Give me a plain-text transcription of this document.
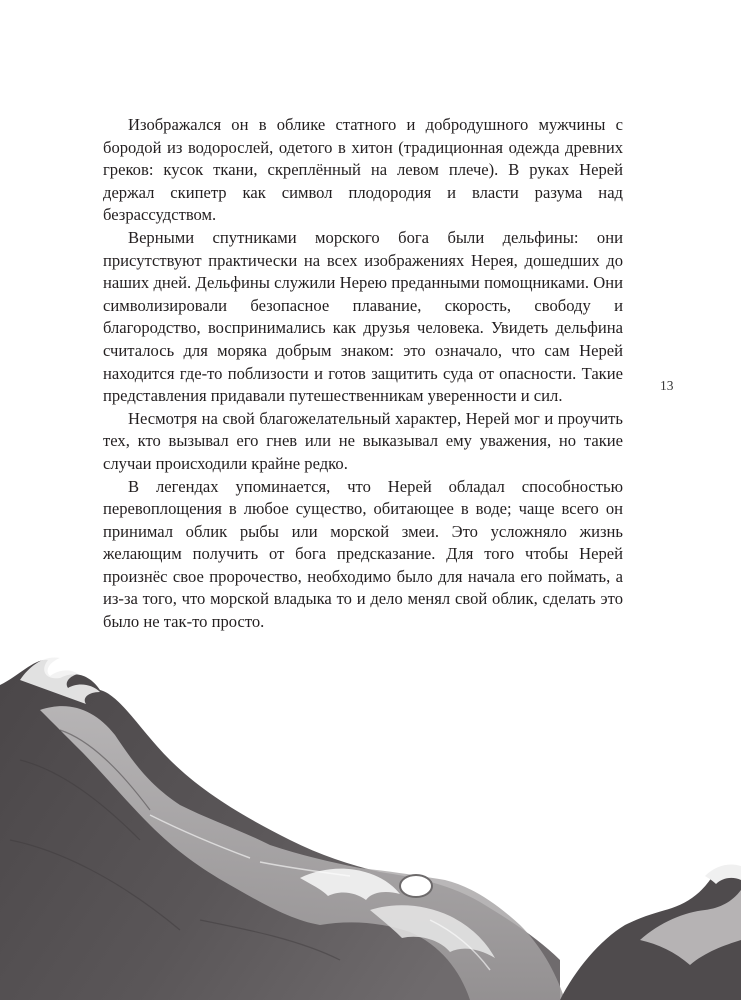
Изображался он в облике статного и добродушного мужчины с бородой из водорослей, одетого в хитон (традиционная одежда древних греков: кусок ткани, скреплённый на левом плече). В руках Нерей держал скипетр как символ плодородия и власти разума над безрассудством.

Верными спутниками морского бога были дельфины: они присутствуют практически на всех изображениях Нерея, дошедших до наших дней. Дельфины служили Нерею преданными помощниками. Они символизировали безопасное плавание, скорость, свободу и благородство, воспринимались как друзья человека. Увидеть дельфина считалось для моряка добрым знаком: это означало, что сам Нерей находится где-то поблизости и готов защитить суда от опасности. Такие представления придавали путешественникам уверенности и сил.

Несмотря на свой благожелательный характер, Нерей мог и проучить тех, кто вызывал его гнев или не выказывал ему уважения, но такие случаи происходили крайне редко.

В легендах упоминается, что Нерей обладал способностью перевоплощения в любое существо, обитающее в воде; чаще всего он принимал облик рыбы или морской змеи. Это усложняло жизнь желающим получить от бога предсказание. Для того чтобы Нерей произнёс свое пророчество, необходимо было для начала его поймать, а из-за того, что морской владыка то и дело менял свой облик, сделать это было не так-то просто.

13
